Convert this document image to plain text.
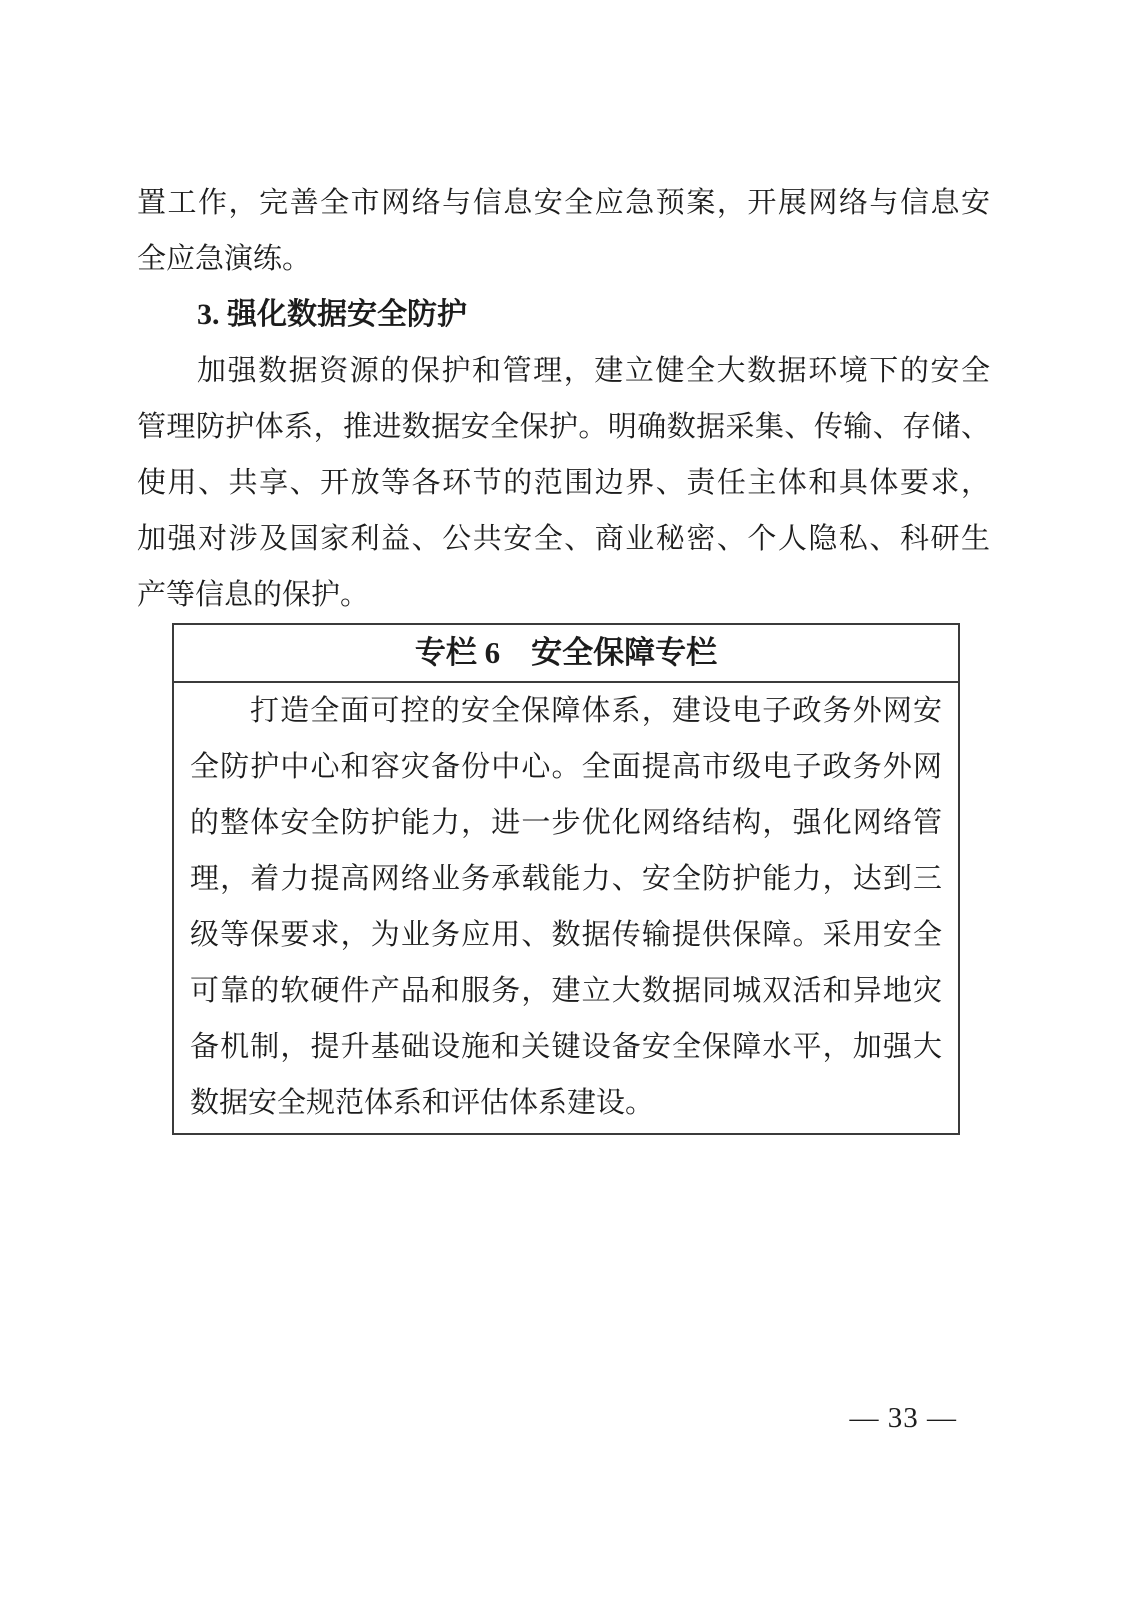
置工作，完善全市网络与信息安全应急预案，开展网络与信息安

全应急演练。

3. 强化数据安全防护

加强数据资源的保护和管理，建立健全大数据环境下的安全

管理防护体系，推进数据安全保护。明确数据采集、传输、存储、

使用、共享、开放等各环节的范围边界、责任主体和具体要求，

加强对涉及国家利益、公共安全、商业秘密、个人隐私、科研生

产等信息的保护。

专栏 6　安全保障专栏

打造全面可控的安全保障体系，建设电子政务外网安

全防护中心和容灾备份中心。全面提高市级电子政务外网

的整体安全防护能力，进一步优化网络结构，强化网络管

理，着力提高网络业务承载能力、安全防护能力，达到三

级等保要求，为业务应用、数据传输提供保障。采用安全

可靠的软硬件产品和服务，建立大数据同城双活和异地灾

备机制，提升基础设施和关键设备安全保障水平，加强大

数据安全规范体系和评估体系建设。

— 33 —
